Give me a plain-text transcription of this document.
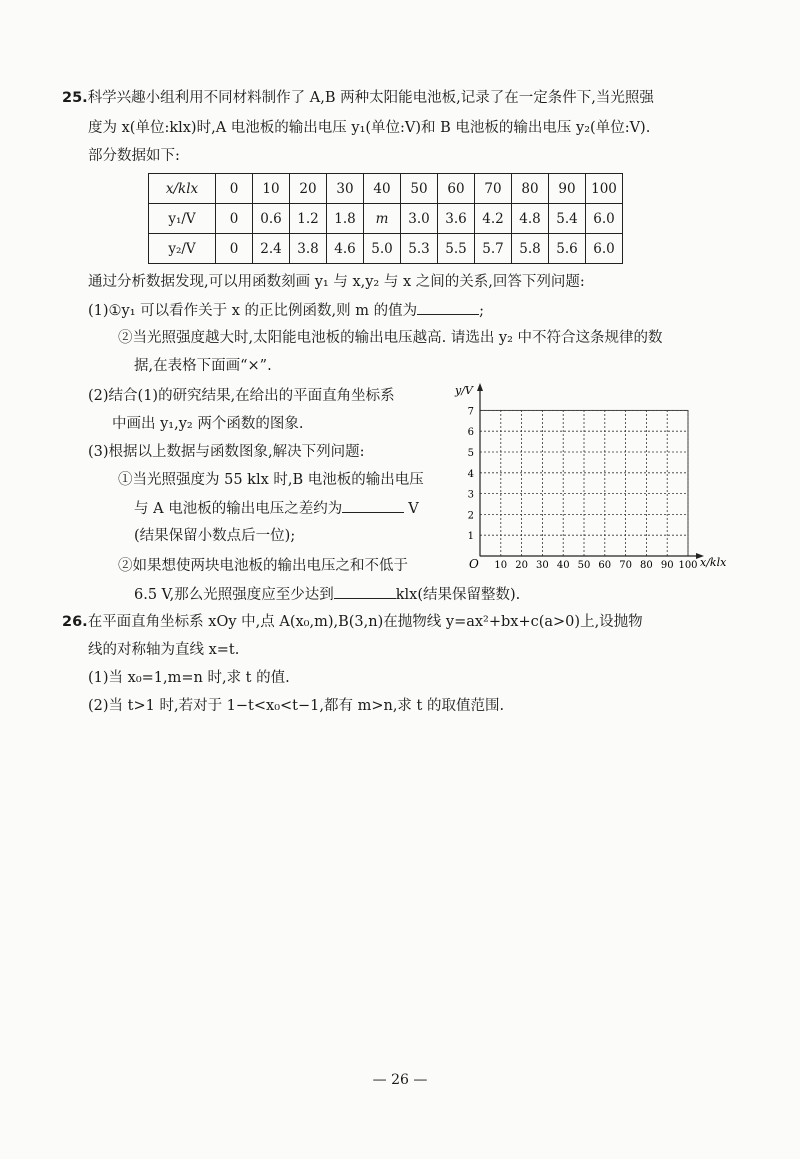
25.科学兴趣小组利用不同材料制作了 A,B 两种太阳能电池板,记录了在一定条件下,当光照强
度为 x(单位:klx)时,A 电池板的输出电压 y₁(单位:V)和 B 电池板的输出电压 y₂(单位:V).
部分数据如下:
x/klx	0	10	20	30	40	50	60	70	80	90	100
y₁/V	0	0.6	1.2	1.8	m	3.0	3.6	4.2	4.8	5.4	6.0
y₂/V	0	2.4	3.8	4.6	5.0	5.3	5.5	5.7	5.8	5.6	6.0
通过分析数据发现,可以用函数刻画 y₁ 与 x,y₂ 与 x 之间的关系,回答下列问题:
(1)①y₁ 可以看作关于 x 的正比例函数,则 m 的值为	;
②当光照强度越大时,太阳能电池板的输出电压越高. 请选出 y₂ 中不符合这条规律的数
据,在表格下面画“×”.
(2)结合(1)的研究结果,在给出的平面直角坐标系
中画出 y₁,y₂ 两个函数的图象.
(3)根据以上数据与函数图象,解决下列问题:
①当光照强度为 55 klx 时,B 电池板的输出电压
与 A 电池板的输出电压之差约为	V
(结果保留小数点后一位);
②如果想使两块电池板的输出电压之和不低于
6.5 V,那么光照强度应至少达到	klx(结果保留整数).
y/V
x/klx
O 10 20 30 40 50 60 70 80 90 100
1
2
3
4
5
6
7
26.在平面直角坐标系 xOy 中,点 A(x₀,m),B(3,n)在抛物线 y=ax²+bx+c(a>0)上,设抛物
线的对称轴为直线 x=t.
(1)当 x₀=1,m=n 时,求 t 的值.
(2)当 t>1 时,若对于 1−t<x₀<t−1,都有 m>n,求 t 的取值范围.
— 26 —
